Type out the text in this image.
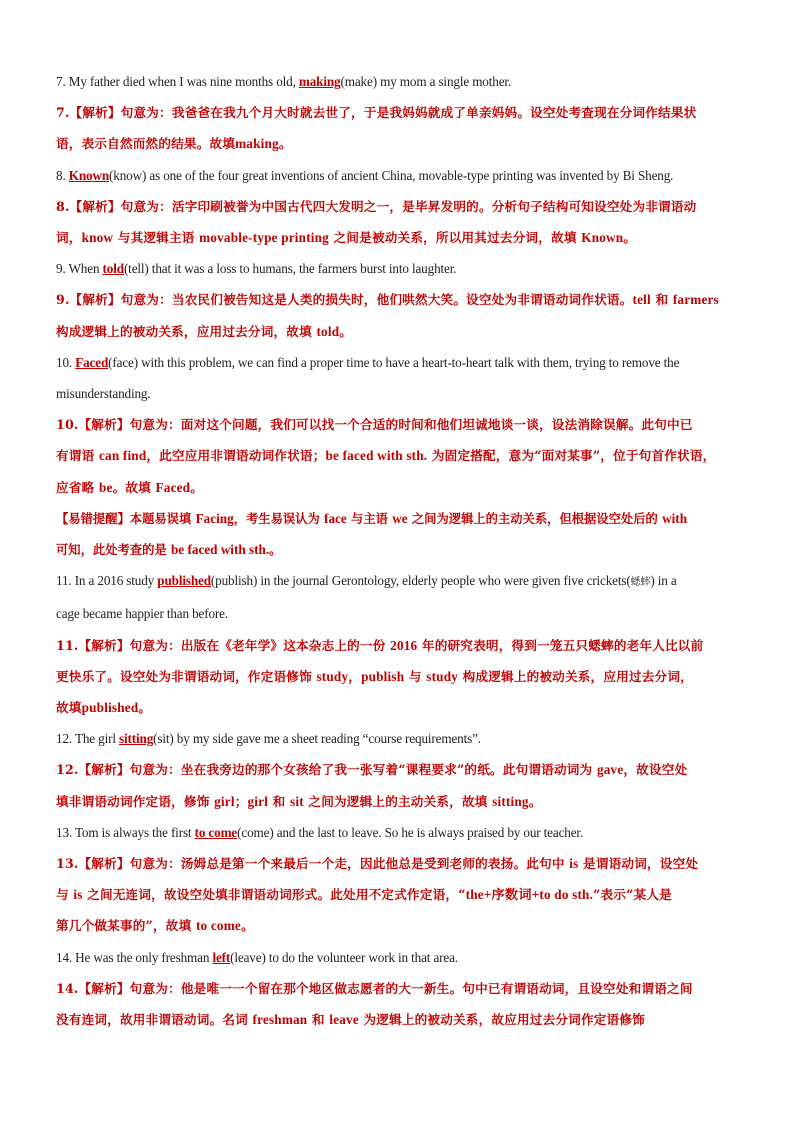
7. My father died when I was nine months old, making(make) my mom a single mother.
7.【解析】句意为：我爸爸在我九个月大时就去世了，于是我妈妈就成了单亲妈妈。设空处考查现在分词作结果状
语，表示自然而然的结果。故填making。
8. Known(know) as one of the four great inventions of ancient China, movable-type printing was invented by Bi Sheng.
8.【解析】句意为：活字印刷被誉为中国古代四大发明之一，是毕昇发明的。分析句子结构可知设空处为非谓语动
词，know 与其逻辑主语 movable-type printing 之间是被动关系，所以用其过去分词，故填 Known。
9. When told(tell) that it was a loss to humans, the farmers burst into laughter.
9.【解析】句意为：当农民们被告知这是人类的损失时，他们哄然大笑。设空处为非谓语动词作状语。tell 和 farmers
构成逻辑上的被动关系，应用过去分词，故填 told。
10. Faced(face) with this problem, we can find a proper time to have a heart-to-heart talk with them, trying to remove the
misunderstanding.
10.【解析】句意为：面对这个问题，我们可以找一个合适的时间和他们坦诚地谈一谈，设法消除误解。此句中已
有谓语 can find，此空应用非谓语动词作状语；be faced with sth. 为固定搭配，意为“面对某事”，位于句首作状语，
应省略 be。故填 Faced。
【易错提醒】本题易误填 Facing，考生易误认为 face 与主语 we 之间为逻辑上的主动关系，但根据设空处后的 with
可知，此处考查的是 be faced with sth.。
11. In a 2016 study published(publish) in the journal Gerontology, elderly people who were given five crickets(蟋蟀) in a
cage became happier than before.
11.【解析】句意为：出版在《老年学》这本杂志上的一份 2016 年的研究表明，得到一笼五只蟋蟀的老年人比以前
更快乐了。设空处为非谓语动词，作定语修饰 study，publish 与 study 构成逻辑上的被动关系，应用过去分词，
故填published。
12. The girl sitting(sit) by my side gave me a sheet reading “course requirements”.
12.【解析】句意为：坐在我旁边的那个女孩给了我一张写着“课程要求”的纸。此句谓语动词为 gave，故设空处
填非谓语动词作定语，修饰 girl；girl 和 sit 之间为逻辑上的主动关系，故填 sitting。
13. Tom is always the first to come(come) and the last to leave. So he is always praised by our teacher.
13.【解析】句意为：汤姆总是第一个来最后一个走，因此他总是受到老师的表扬。此句中 is 是谓语动词，设空处
与 is 之间无连词，故设空处填非谓语动词形式。此处用不定式作定语，“the+序数词+to do sth.”表示“某人是
第几个做某事的”，故填 to come。
14. He was the only freshman left(leave) to do the volunteer work in that area.
14.【解析】句意为：他是唯一一个留在那个地区做志愿者的大一新生。句中已有谓语动词，且设空处和谓语之间
没有连词，故用非谓语动词。名词 freshman 和 leave 为逻辑上的被动关系，故应用过去分词作定语修饰
